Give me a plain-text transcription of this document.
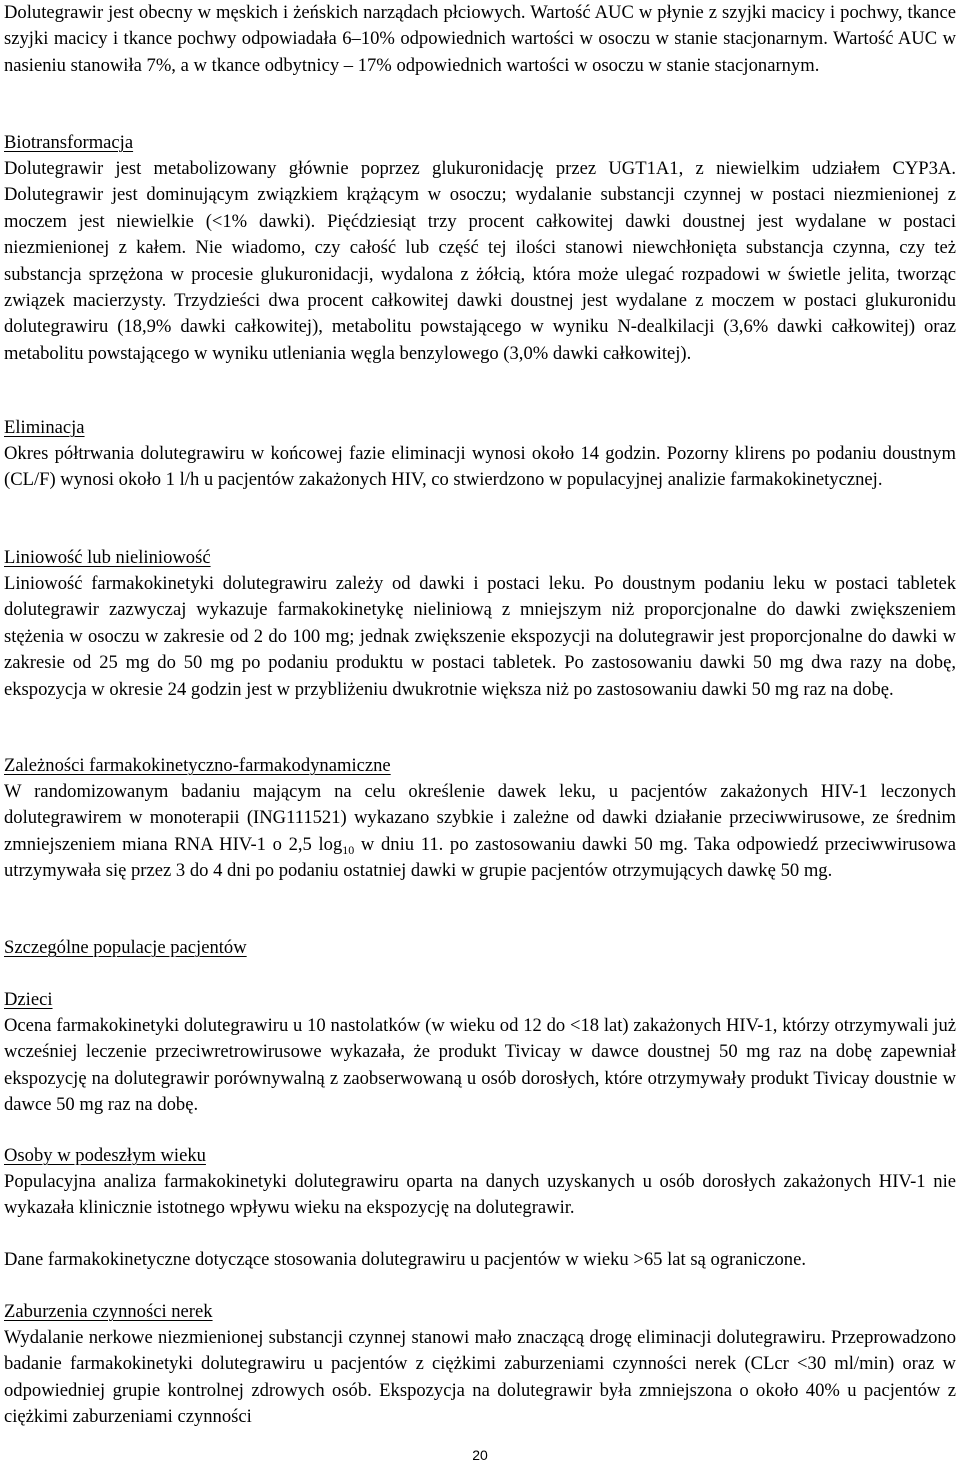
Dolutegrawir jest obecny w męskich i żeńskich narządach płciowych. Wartość AUC w płynie z szyjki macicy i pochwy, tkance szyjki macicy i tkance pochwy odpowiadała 6–10% odpowiednich wartości w osoczu w stanie stacjonarnym. Wartość AUC w nasieniu stanowiła 7%, a w tkance odbytnicy – 17% odpowiednich wartości w osoczu w stanie stacjonarnym.

Biotransformacja

Dolutegrawir jest metabolizowany głównie poprzez glukuronidację przez UGT1A1, z niewielkim udziałem CYP3A. Dolutegrawir jest dominującym związkiem krążącym w osoczu; wydalanie substancji czynnej w postaci niezmienionej z moczem jest niewielkie (<1% dawki). Pięćdziesiąt trzy procent całkowitej dawki doustnej jest wydalane w postaci niezmienionej z kałem. Nie wiadomo, czy całość lub część tej ilości stanowi niewchłonięta substancja czynna, czy też substancja sprzężona w procesie glukuronidacji, wydalona z żółcią, która może ulegać rozpadowi w świetle jelita, tworząc związek macierzysty. Trzydzieści dwa procent całkowitej dawki doustnej jest wydalane z moczem w postaci glukuronidu dolutegrawiru (18,9% dawki całkowitej), metabolitu powstającego w wyniku N-dealkilacji (3,6% dawki całkowitej) oraz metabolitu powstającego w wyniku utleniania węgla benzylowego (3,0% dawki całkowitej).

Eliminacja

Okres półtrwania dolutegrawiru w końcowej fazie eliminacji wynosi około 14 godzin. Pozorny klirens po podaniu doustnym (CL/F) wynosi około 1 l/h u pacjentów zakażonych HIV, co stwierdzono w populacyjnej analizie farmakokinetycznej.

Liniowość lub nieliniowość

Liniowość farmakokinetyki dolutegrawiru zależy od dawki i postaci leku. Po doustnym podaniu leku w postaci tabletek dolutegrawir zazwyczaj wykazuje farmakokinetykę nieliniową z mniejszym niż proporcjonalne do dawki zwiększeniem stężenia w osoczu w zakresie od 2 do 100 mg; jednak zwiększenie ekspozycji na dolutegrawir jest proporcjonalne do dawki w zakresie od 25 mg do 50 mg po podaniu produktu w postaci tabletek. Po zastosowaniu dawki 50 mg dwa razy na dobę, ekspozycja w okresie 24 godzin jest w przybliżeniu dwukrotnie większa niż po zastosowaniu dawki 50 mg raz na dobę.

Zależności farmakokinetyczno-farmakodynamiczne

W randomizowanym badaniu mającym na celu określenie dawek leku, u pacjentów zakażonych HIV-1 leczonych dolutegrawirem w monoterapii (ING111521) wykazano szybkie i zależne od dawki działanie przeciwwirusowe, ze średnim zmniejszeniem miana RNA HIV-1 o 2,5 $\log_{10} w$ dniu 11. po zastosowaniu dawki 50 mg. Taka odpowiedź przeciwwirusowa utrzymywała się przez 3 do 4 dni po podaniu ostatniej dawki w grupie pacjentów otrzymujących dawkę 50 mg.

Szczególne populacje pacjentów

Dzieci

Ocena farmakokinetyki dolutegrawiru u 10 nastolatków (w wieku od 12 do <18 lat) zakażonych HIV-1, którzy otrzymywali już wcześniej leczenie przeciwretrowirusowe wykazała, że produkt Tivicay w dawce doustnej 50 mg raz na dobę zapewniał ekspozycję na dolutegrawir porównywalną z zaobserwowaną u osób dorosłych, które otrzymywały produkt Tivicay doustnie w dawce 50 mg raz na dobę.

Osoby w podeszłym wieku

Populacyjna analiza farmakokinetyki dolutegrawiru oparta na danych uzyskanych u osób dorosłych zakażonych HIV-1 nie wykazała klinicznie istotnego wpływu wieku na ekspozycję na dolutegrawir.

Dane farmakokinetyczne dotyczące stosowania dolutegrawiru u pacjentów w wieku >65 lat są ograniczone.

Zaburzenia czynności nerek

Wydalanie nerkowe niezmienionej substancji czynnej stanowi mało znaczącą drogę eliminacji dolutegrawiru. Przeprowadzono badanie farmakokinetyki dolutegrawiru u pacjentów z ciężkimi zaburzeniami czynności nerek (CLcr <30 ml/min) oraz w odpowiedniej grupie kontrolnej zdrowych osób. Ekspozycja na dolutegrawir była zmniejszona o około 40% u pacjentów z ciężkimi zaburzeniami czynności

20
